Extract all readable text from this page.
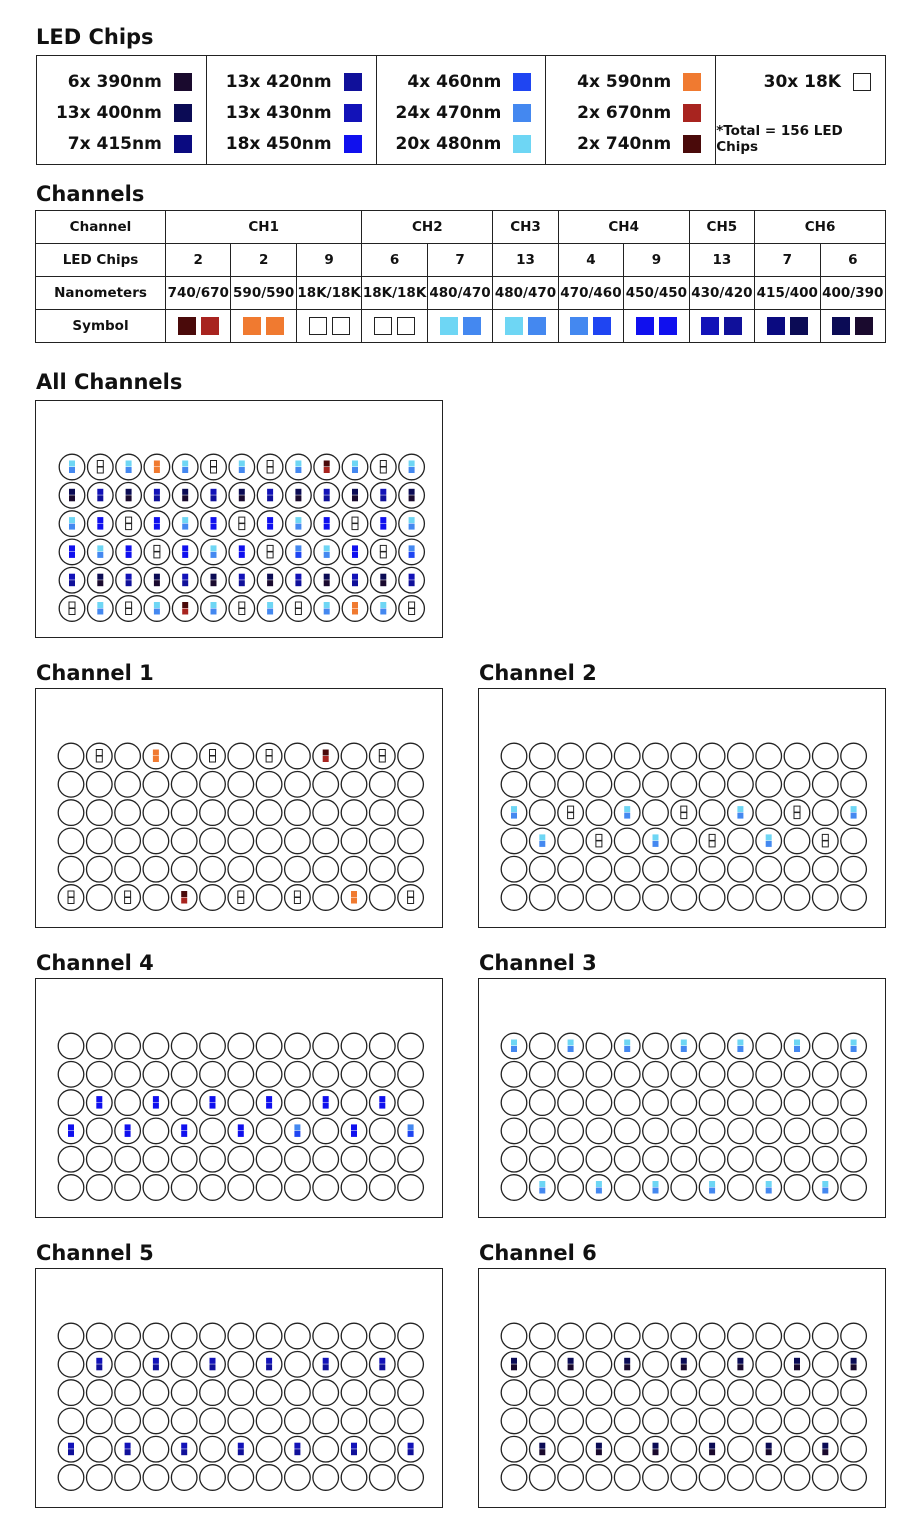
LED Chips
Channels
All Channels
6x 390nm
13x 400nm
7x 415nm
13x 420nm
13x 430nm
18x 450nm
4x 460nm
24x 470nm
20x 480nm
4x 590nm
2x 670nm
2x 740nm
30x 18K
*Total = 156 LED Chips
Channel	CH1			CH2		CH3	CH4		CH5	CH6	
LED Chips	2	2	9	6	7	13	4	9	13	7	6
Nanometers	740/670	590/590	18K/18K	18K/18K	480/470	480/470	470/460	450/450	430/420	415/400	400/390
Symbol	

Channel 1	Channel 2
Channel 4	Channel 3
Channel 5	Channel 6
